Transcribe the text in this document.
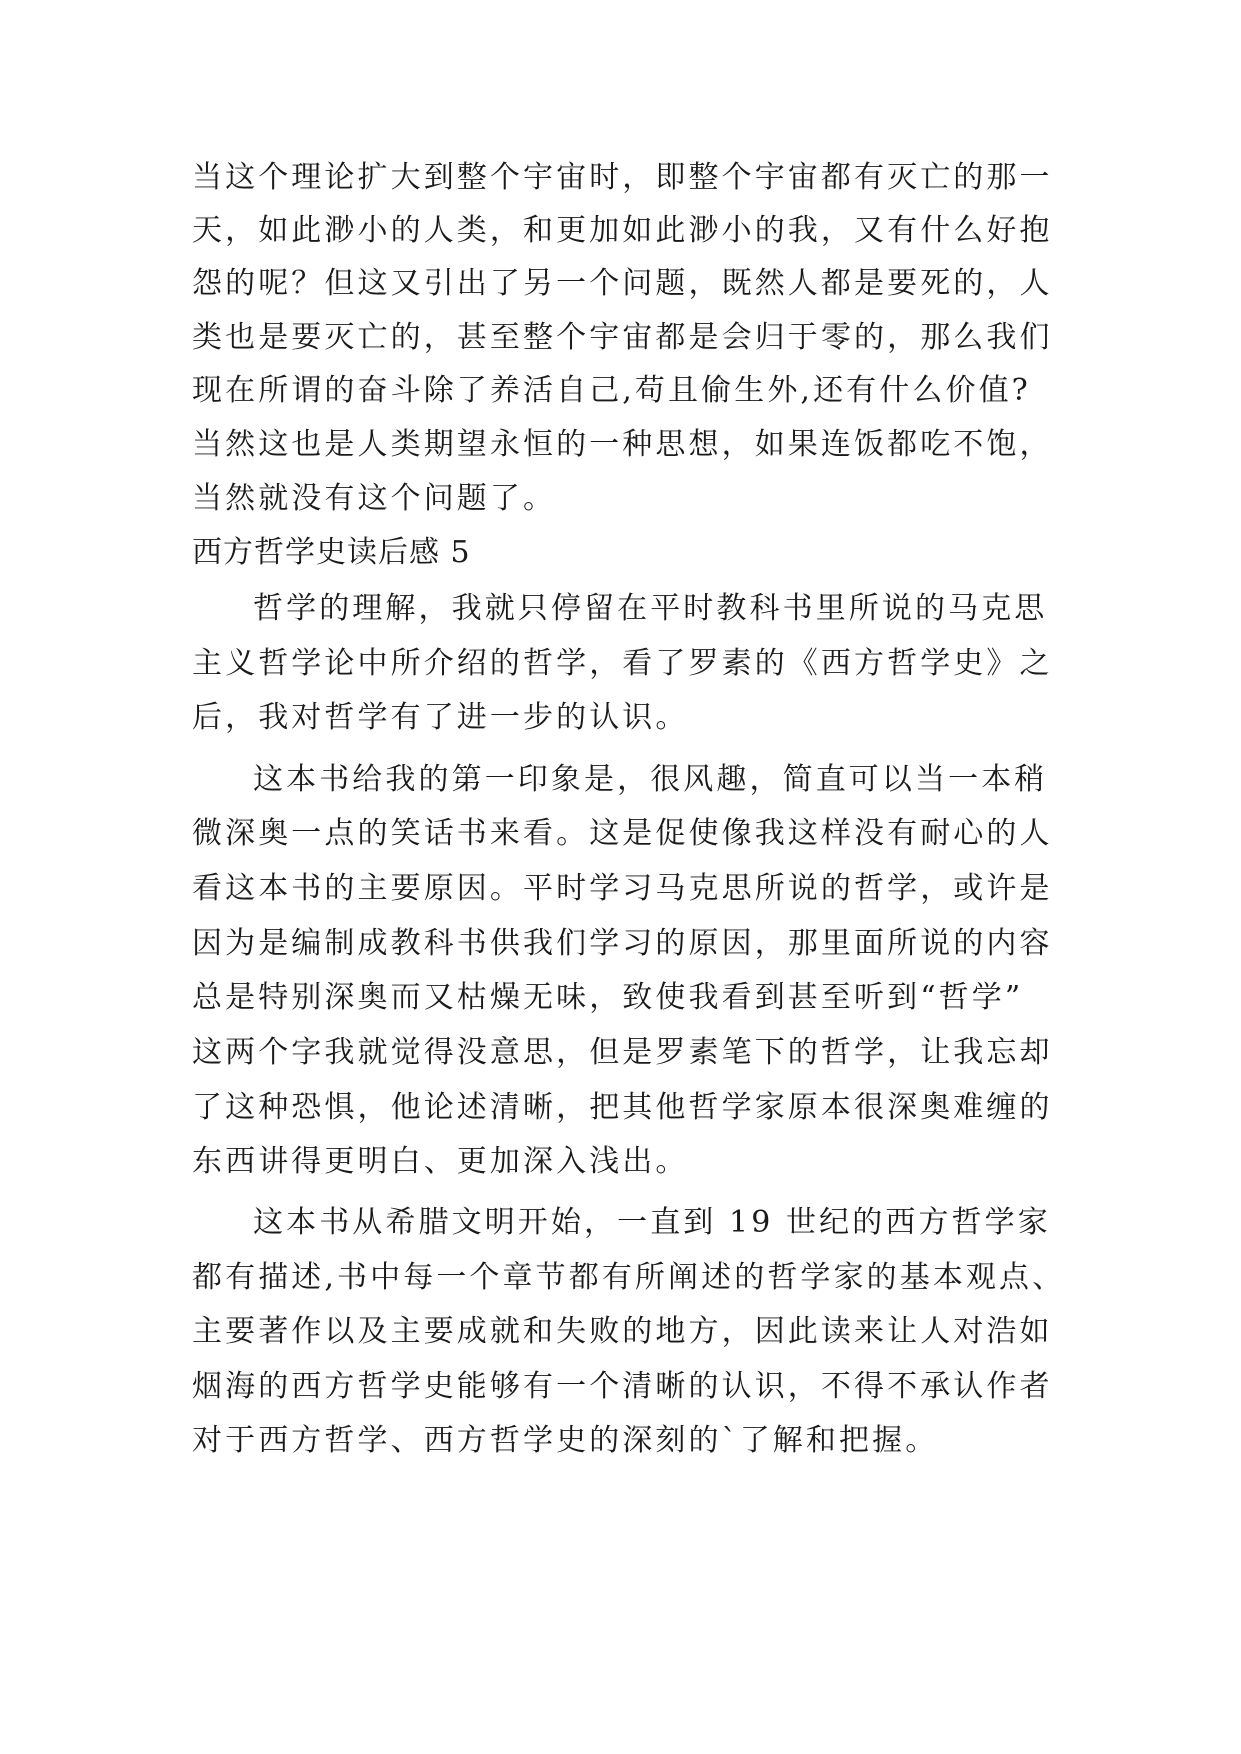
当这个理论扩大到整个宇宙时，即整个宇宙都有灭亡的那一
天，如此渺小的人类，和更加如此渺小的我，又有什么好抱
怨的呢？但这又引出了另一个问题，既然人都是要死的，人
类也是要灭亡的，甚至整个宇宙都是会归于零的，那么我们
现在所谓的奋斗除了养活自己,苟且偷生外,还有什么价值?
当然这也是人类期望永恒的一种思想，如果连饭都吃不饱，
当然就没有这个问题了。
西方哲学史读后感 5
哲学的理解，我就只停留在平时教科书里所说的马克思
主义哲学论中所介绍的哲学，看了罗素的《西方哲学史》之
后，我对哲学有了进一步的认识。
这本书给我的第一印象是，很风趣，简直可以当一本稍
微深奥一点的笑话书来看。这是促使像我这样没有耐心的人
看这本书的主要原因。平时学习马克思所说的哲学，或许是
因为是编制成教科书供我们学习的原因，那里面所说的内容
总是特别深奥而又枯燥无味，致使我看到甚至听到“哲学”
这两个字我就觉得没意思，但是罗素笔下的哲学，让我忘却
了这种恐惧，他论述清晰，把其他哲学家原本很深奥难缠的
东西讲得更明白、更加深入浅出。
这本书从希腊文明开始，一直到 19 世纪的西方哲学家
都有描述,书中每一个章节都有所阐述的哲学家的基本观点、
主要著作以及主要成就和失败的地方，因此读来让人对浩如
烟海的西方哲学史能够有一个清晰的认识，不得不承认作者
对于西方哲学、西方哲学史的深刻的`了解和把握。
